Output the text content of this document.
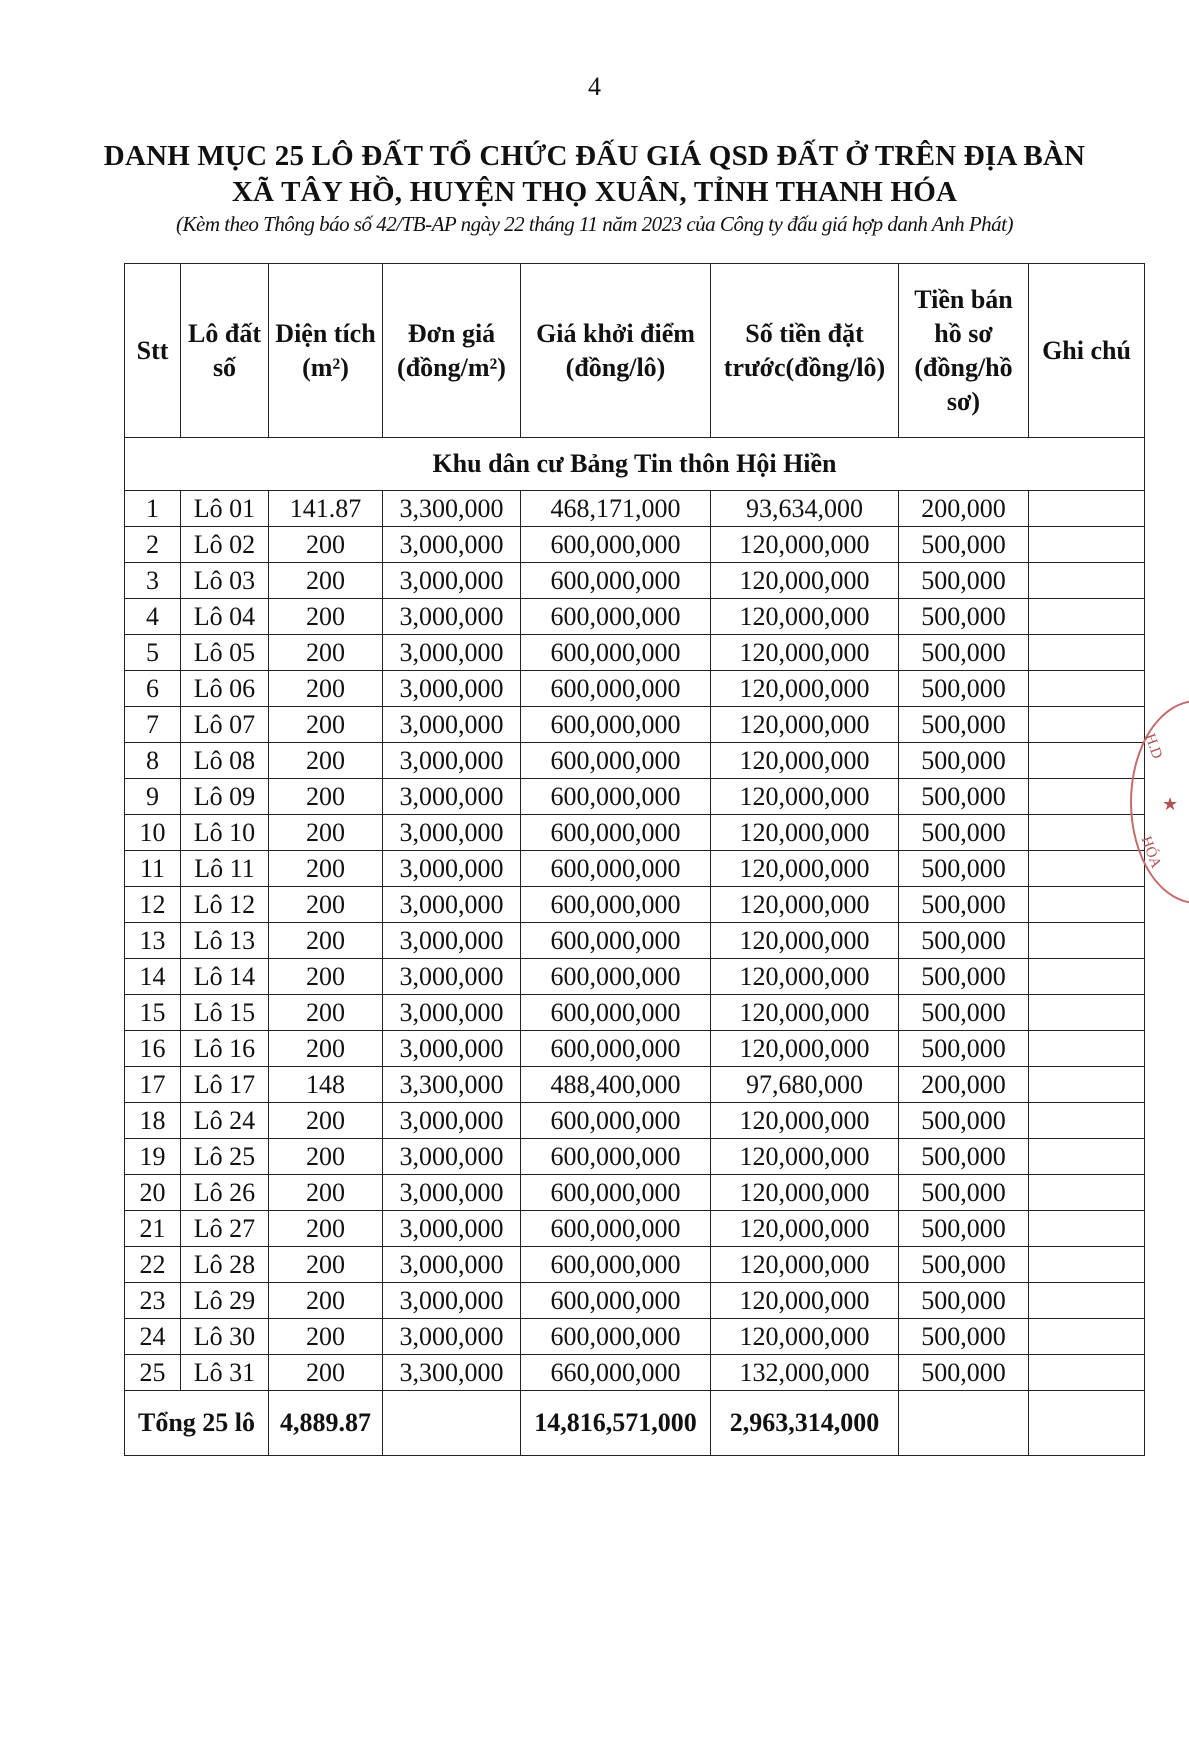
4
DANH MỤC 25 LÔ ĐẤT TỔ CHỨC ĐẤU GIÁ QSD ĐẤT Ở TRÊN ĐỊA BÀN
XÃ TÂY HỒ, HUYỆN THỌ XUÂN, TỈNH THANH HÓA
(Kèm theo Thông báo số 42/TB-AP ngày 22 tháng 11 năm 2023 của Công ty đấu giá hợp danh Anh Phát)
Stt	Lô đất số	Diện tích (m²)	Đơn giá (đồng/m²)	Giá khởi điểm (đồng/lô)	Số tiền đặt trước(đồng/lô)	Tiền bán hồ sơ (đồng/hồ sơ)	Ghi chú
Khu dân cư Bảng Tin thôn Hội Hiền							
1	Lô 01	141.87	3,300,000	468,171,000	93,634,000	200,000	
2	Lô 02	200	3,000,000	600,000,000	120,000,000	500,000	
3	Lô 03	200	3,000,000	600,000,000	120,000,000	500,000	
4	Lô 04	200	3,000,000	600,000,000	120,000,000	500,000	
5	Lô 05	200	3,000,000	600,000,000	120,000,000	500,000	
6	Lô 06	200	3,000,000	600,000,000	120,000,000	500,000	
7	Lô 07	200	3,000,000	600,000,000	120,000,000	500,000	
8	Lô 08	200	3,000,000	600,000,000	120,000,000	500,000	
9	Lô 09	200	3,000,000	600,000,000	120,000,000	500,000	
10	Lô 10	200	3,000,000	600,000,000	120,000,000	500,000	
11	Lô 11	200	3,000,000	600,000,000	120,000,000	500,000	
12	Lô 12	200	3,000,000	600,000,000	120,000,000	500,000	
13	Lô 13	200	3,000,000	600,000,000	120,000,000	500,000	
14	Lô 14	200	3,000,000	600,000,000	120,000,000	500,000	
15	Lô 15	200	3,000,000	600,000,000	120,000,000	500,000	
16	Lô 16	200	3,000,000	600,000,000	120,000,000	500,000	
17	Lô 17	148	3,300,000	488,400,000	97,680,000	200,000	
18	Lô 24	200	3,000,000	600,000,000	120,000,000	500,000	
19	Lô 25	200	3,000,000	600,000,000	120,000,000	500,000	
20	Lô 26	200	3,000,000	600,000,000	120,000,000	500,000	
21	Lô 27	200	3,000,000	600,000,000	120,000,000	500,000	
22	Lô 28	200	3,000,000	600,000,000	120,000,000	500,000	
23	Lô 29	200	3,000,000	600,000,000	120,000,000	500,000	
24	Lô 30	200	3,000,000	600,000,000	120,000,000	500,000	
25	Lô 31	200	3,300,000	660,000,000	132,000,000	500,000	
Tổng 25 lô		4,889.87		14,816,571,000	2,963,314,000		
H.D
★
HÓA
